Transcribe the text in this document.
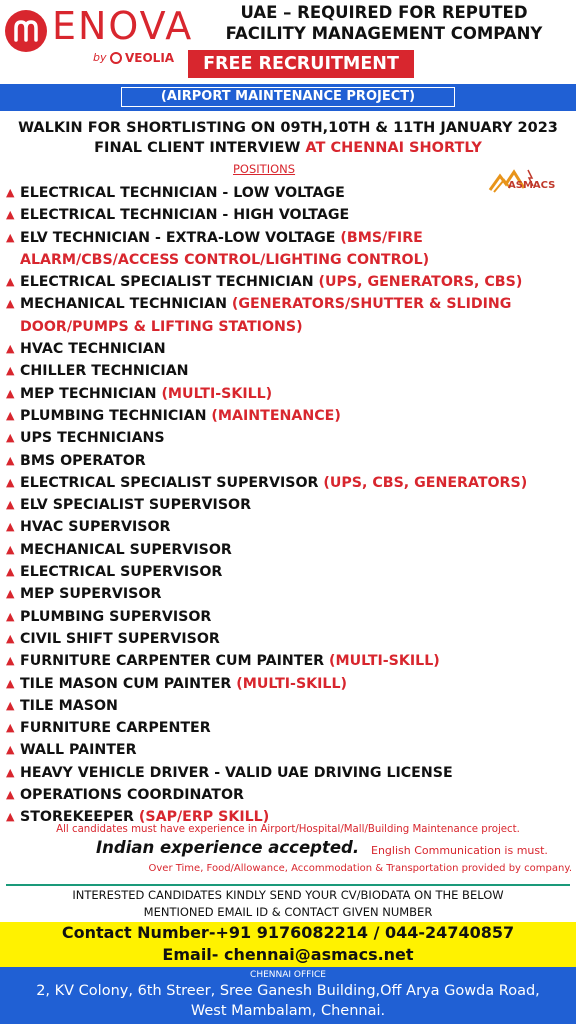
ENOVA
by VEOLIA
UAE – REQUIRED FOR REPUTED
FACILITY MANAGEMENT COMPANY
FREE RECRUITMENT
(AIRPORT MAINTENANCE PROJECT)
WALKIN FOR SHORTLISTING ON 09TH,10TH & 11TH JANUARY 2023
FINAL CLIENT INTERVIEW AT CHENNAI SHORTLY
POSITIONS
ASMACS
▲ ELECTRICAL TECHNICIAN - LOW VOLTAGE
▲ ELECTRICAL TECHNICIAN - HIGH VOLTAGE
▲ ELV TECHNICIAN - EXTRA-LOW VOLTAGE (BMS/FIRE ALARM/CBS/ACCESS CONTROL/LIGHTING CONTROL)
▲ ELECTRICAL SPECIALIST TECHNICIAN (UPS, GENERATORS, CBS)
▲ MECHANICAL TECHNICIAN (GENERATORS/SHUTTER & SLIDING DOOR/PUMPS & LIFTING STATIONS)
▲ HVAC TECHNICIAN
▲ CHILLER TECHNICIAN
▲ MEP TECHNICIAN (MULTI-SKILL)
▲ PLUMBING TECHNICIAN (MAINTENANCE)
▲ UPS TECHNICIANS
▲ BMS OPERATOR
▲ ELECTRICAL SPECIALIST SUPERVISOR (UPS, CBS, GENERATORS)
▲ ELV SPECIALIST SUPERVISOR
▲ HVAC SUPERVISOR
▲ MECHANICAL SUPERVISOR
▲ ELECTRICAL SUPERVISOR
▲ MEP SUPERVISOR
▲ PLUMBING SUPERVISOR
▲ CIVIL SHIFT SUPERVISOR
▲ FURNITURE CARPENTER CUM PAINTER (MULTI-SKILL)
▲ TILE MASON CUM PAINTER (MULTI-SKILL)
▲ TILE MASON
▲ FURNITURE CARPENTER
▲ WALL PAINTER
▲ HEAVY VEHICLE DRIVER - VALID UAE DRIVING LICENSE
▲ OPERATIONS COORDINATOR
▲ STOREKEEPER (SAP/ERP SKILL)
All candidates must have experience in Airport/Hospital/Mall/Building Maintenance project.
Indian experience accepted. English Communication is must.
Over Time, Food/Allowance, Accommodation & Transportation provided by company.
INTERESTED CANDIDATES KINDLY SEND YOUR CV/BIODATA ON THE BELOW
MENTIONED EMAIL ID & CONTACT GIVEN NUMBER
Contact Number-+91 9176082214 / 044-24740857
Email- chennai@asmacs.net
CHENNAI OFFICE
2, KV Colony, 6th Streer, Sree Ganesh Building,Off Arya Gowda Road,
West Mambalam, Chennai.
